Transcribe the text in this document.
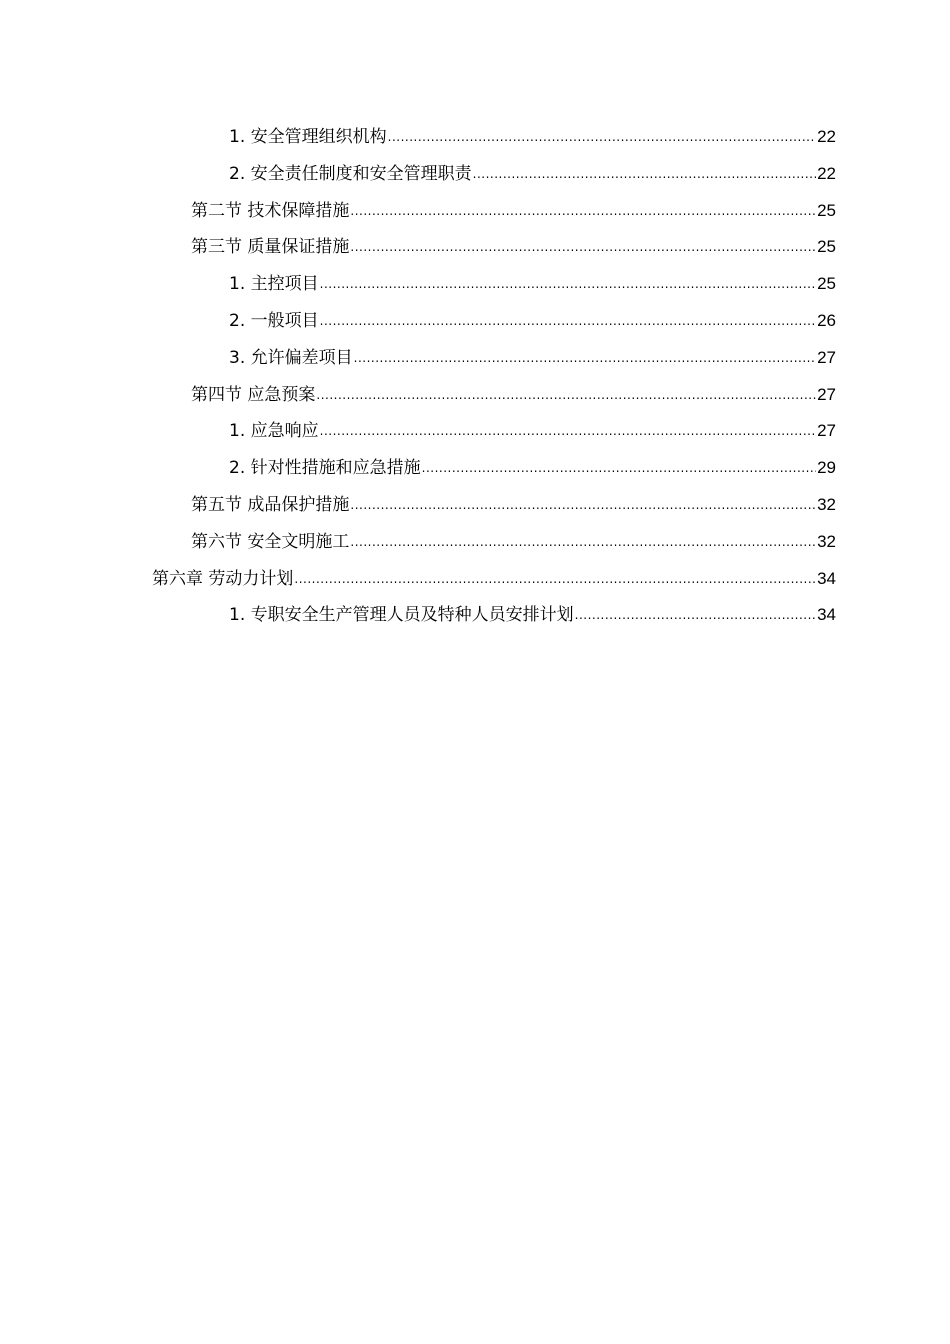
1. 安全管理组织机构 .....	22
2. 安全责任制度和安全管理职责 .....	22
第二节 技术保障措施 .....	25
第三节 质量保证措施 .....	25
1. 主控项目 .....	25
2. 一般项目 .....	26
3. 允许偏差项目 .....	27
第四节 应急预案 .....	27
1. 应急响应 .....	27
2. 针对性措施和应急措施 .....	29
第五节 成品保护措施 .....	32
第六节 安全文明施工 .....	32
第六章 劳动力计划 .....	34
1. 专职安全生产管理人员及特种人员安排计划 .....	34
